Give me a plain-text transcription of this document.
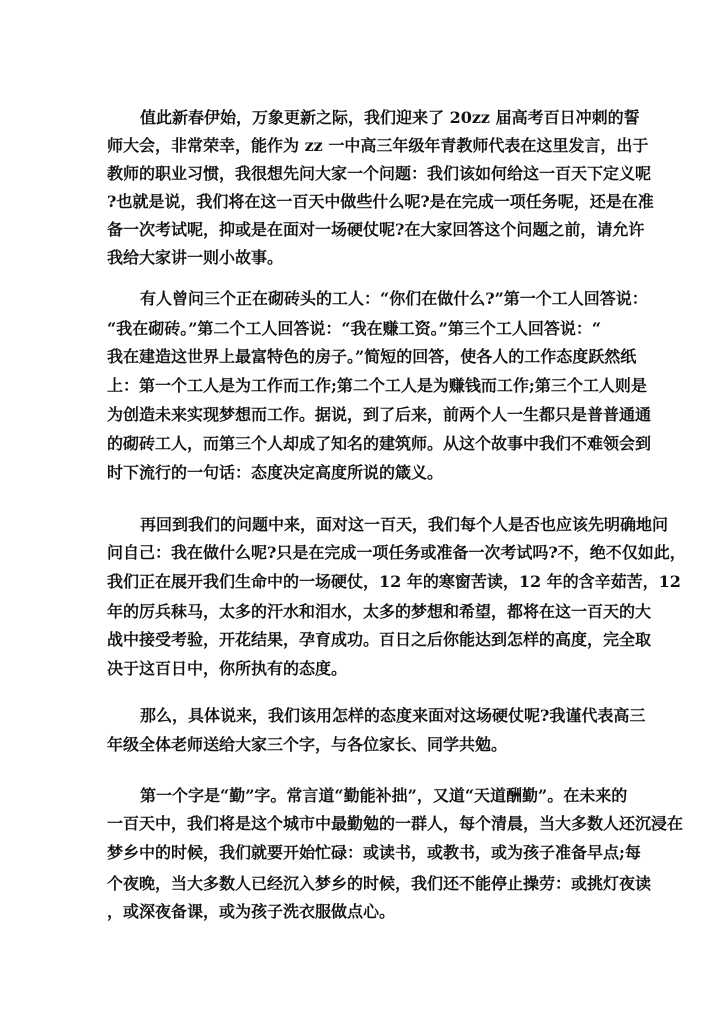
值此新春伊始，万象更新之际，我们迎来了 20zz 届高考百日冲刺的誓
师大会，非常荣幸，能作为 zz 一中高三年级年青教师代表在这里发言，出于
教师的职业习惯，我很想先问大家一个问题：我们该如何给这一百天下定义呢
?也就是说，我们将在这一百天中做些什么呢?是在完成一项任务呢，还是在准
备一次考试呢，抑或是在面对一场硬仗呢?在大家回答这个问题之前，请允许
我给大家讲一则小故事。
有人曾问三个正在砌砖头的工人：“你们在做什么?”第一个工人回答说：
“我在砌砖。”第二个工人回答说：“我在赚工资。”第三个工人回答说：“
我在建造这世界上最富特色的房子。”简短的回答，使各人的工作态度跃然纸
上：第一个工人是为工作而工作;第二个工人是为赚钱而工作;第三个工人则是
为创造未来实现梦想而工作。据说，到了后来，前两个人一生都只是普普通通
的砌砖工人，而第三个人却成了知名的建筑师。从这个故事中我们不难领会到
时下流行的一句话：态度决定高度所说的箴义。
再回到我们的问题中来，面对这一百天，我们每个人是否也应该先明确地问
问自己：我在做什么呢?只是在完成一项任务或准备一次考试吗?不，绝不仅如此，
我们正在展开我们生命中的一场硬仗，12 年的寒窗苦读，12 年的含辛茹苦，12
年的厉兵秣马，太多的汗水和泪水，太多的梦想和希望，都将在这一百天的大
战中接受考验，开花结果，孕育成功。百日之后你能达到怎样的高度，完全取
决于这百日中，你所执有的态度。
那么，具体说来，我们该用怎样的态度来面对这场硬仗呢?我谨代表高三
年级全体老师送给大家三个字，与各位家长、同学共勉。
第一个字是“勤”字。常言道“勤能补拙”，又道“天道酬勤”。在未来的
一百天中，我们将是这个城市中最勤勉的一群人，每个清晨，当大多数人还沉浸在
梦乡中的时候，我们就要开始忙碌：或读书，或教书，或为孩子准备早点;每
个夜晚，当大多数人已经沉入梦乡的时候，我们还不能停止操劳：或挑灯夜读
，或深夜备课，或为孩子洗衣服做点心。
